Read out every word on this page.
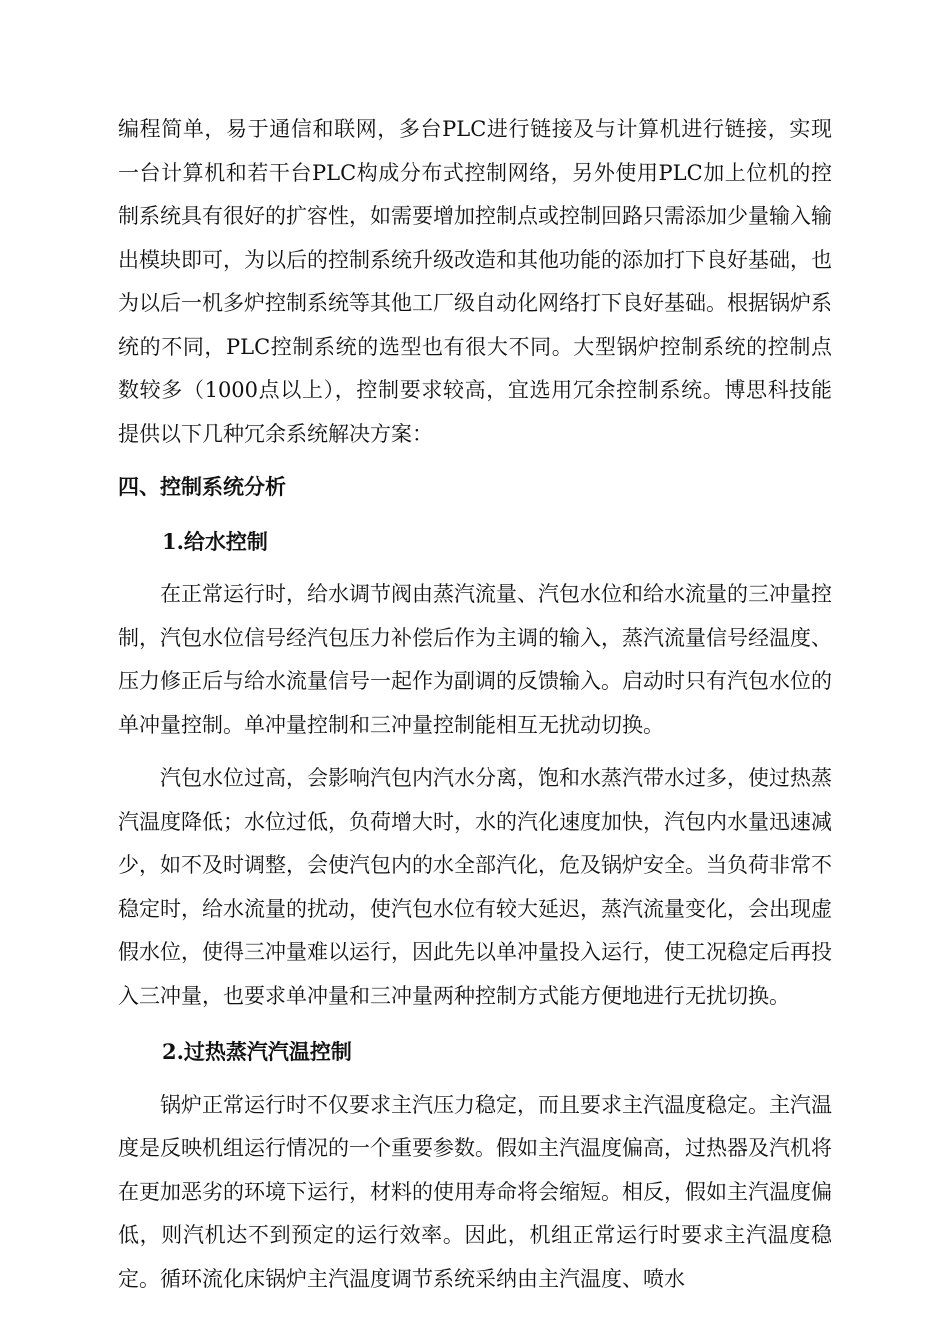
编程简单，易于通信和联网，多台PLC进行链接及与计算机进行链接，实现一台计算机和若干台PLC构成分布式控制网络，另外使用PLC加上位机的控制系统具有很好的扩容性，如需要增加控制点或控制回路只需添加少量输入输出模块即可，为以后的控制系统升级改造和其他功能的添加打下良好基础，也为以后一机多炉控制系统等其他工厂级自动化网络打下良好基础。根据锅炉系统的不同，PLC控制系统的选型也有很大不同。大型锅炉控制系统的控制点数较多（1000点以上），控制要求较高，宜选用冗余控制系统。博思科技能提供以下几种冗余系统解决方案：

四、控制系统分析
1.给水控制

在正常运行时，给水调节阀由蒸汽流量、汽包水位和给水流量的三冲量控制，汽包水位信号经汽包压力补偿后作为主调的输入，蒸汽流量信号经温度、压力修正后与给水流量信号一起作为副调的反馈输入。启动时只有汽包水位的单冲量控制。单冲量控制和三冲量控制能相互无扰动切换。

汽包水位过高，会影响汽包内汽水分离，饱和水蒸汽带水过多，使过热蒸汽温度降低；水位过低，负荷增大时，水的汽化速度加快，汽包内水量迅速减少，如不及时调整，会使汽包内的水全部汽化，危及锅炉安全。当负荷非常不稳定时，给水流量的扰动，使汽包水位有较大延迟，蒸汽流量变化，会出现虚假水位，使得三冲量难以运行，因此先以单冲量投入运行，使工况稳定后再投入三冲量，也要求单冲量和三冲量两种控制方式能方便地进行无扰切换。

2.过热蒸汽汽温控制

锅炉正常运行时不仅要求主汽压力稳定，而且要求主汽温度稳定。主汽温度是反映机组运行情况的一个重要参数。假如主汽温度偏高，过热器及汽机将在更加恶劣的环境下运行，材料的使用寿命将会缩短。相反，假如主汽温度偏低，则汽机达不到预定的运行效率。因此，机组正常运行时要求主汽温度稳定。循环流化床锅炉主汽温度调节系统采纳由主汽温度、喷水
